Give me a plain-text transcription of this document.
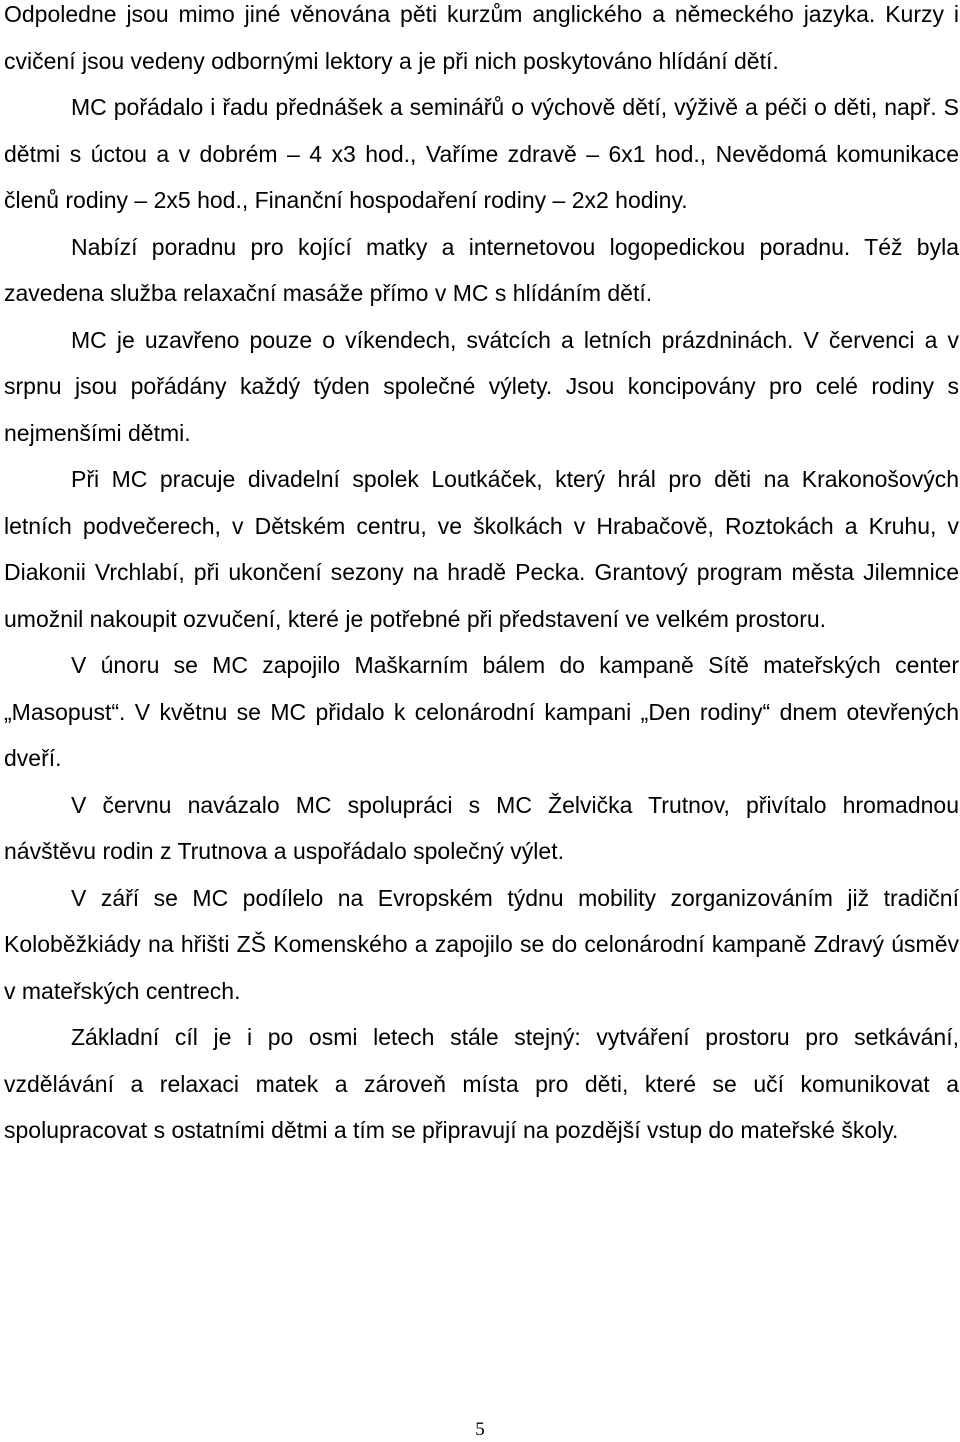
Odpoledne jsou mimo jiné věnována pěti kurzům anglického a německého jazyka. Kurzy i cvičení jsou vedeny odbornými lektory a je při nich poskytováno hlídání dětí.

MC pořádalo i řadu přednášek a seminářů o výchově dětí, výživě a péči o děti, např. S dětmi s úctou a v dobrém – 4 x3 hod., Vaříme zdravě – 6x1 hod., Nevědomá komunikace členů rodiny – 2x5 hod., Finanční hospodaření rodiny – 2x2 hodiny.

Nabízí poradnu pro kojící matky a internetovou logopedickou poradnu. Též byla zavedena služba relaxační masáže přímo v MC s hlídáním dětí.

MC je uzavřeno pouze o víkendech, svátcích a letních prázdninách. V červenci a v srpnu jsou pořádány každý týden společné výlety. Jsou koncipovány pro celé rodiny s nejmenšími dětmi.

Při MC pracuje divadelní spolek Loutkáček, který hrál pro děti na Krakonošových letních podvečerech, v Dětském centru, ve školkách v Hrabačově, Roztokách a Kruhu, v Diakonii Vrchlabí, při ukončení sezony na hradě Pecka. Grantový program města Jilemnice umožnil nakoupit ozvučení, které je potřebné při představení ve velkém prostoru.

V únoru se MC zapojilo Maškarním bálem do kampaně Sítě mateřských center „Masopust“. V květnu se MC přidalo k celonárodní kampani „Den rodiny“ dnem otevřených dveří.

V červnu navázalo MC spolupráci s MC Želvička Trutnov, přivítalo hromadnou návštěvu rodin z Trutnova a uspořádalo společný výlet.

V září se MC podílelo na Evropském týdnu mobility zorganizováním již tradiční Koloběžkiády na hřišti ZŠ Komenského a zapojilo se do celonárodní kampaně Zdravý úsměv v mateřských centrech.

Základní cíl je i po osmi letech stále stejný: vytváření prostoru pro setkávání, vzdělávání a relaxaci matek a zároveň místa pro děti, které se učí komunikovat a spolupracovat s ostatními dětmi a tím se připravují na pozdější vstup do mateřské školy.

5
